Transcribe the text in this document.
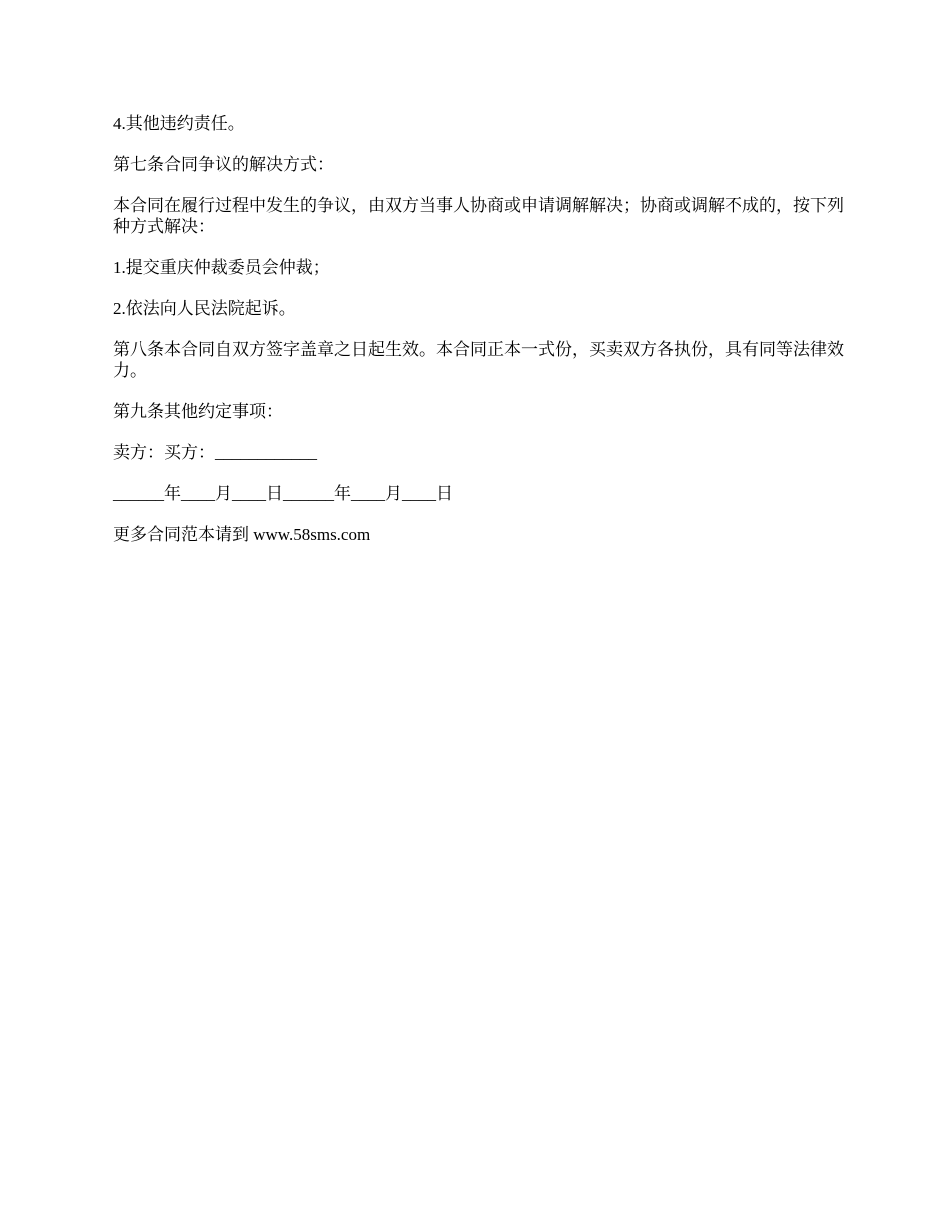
4.其他违约责任。

第七条合同争议的解决方式：

本合同在履行过程中发生的争议，由双方当事人协商或申请调解解决；协商或调解不成的，按下列种方式解决：

1.提交重庆仲裁委员会仲裁；

2.依法向人民法院起诉。

第八条本合同自双方签字盖章之日起生效。本合同正本一式份，买卖双方各执份，具有同等法律效力。

第九条其他约定事项：

卖方：买方：____________

______年____月____日______年____月____日

更多合同范本请到 www.58sms.com
